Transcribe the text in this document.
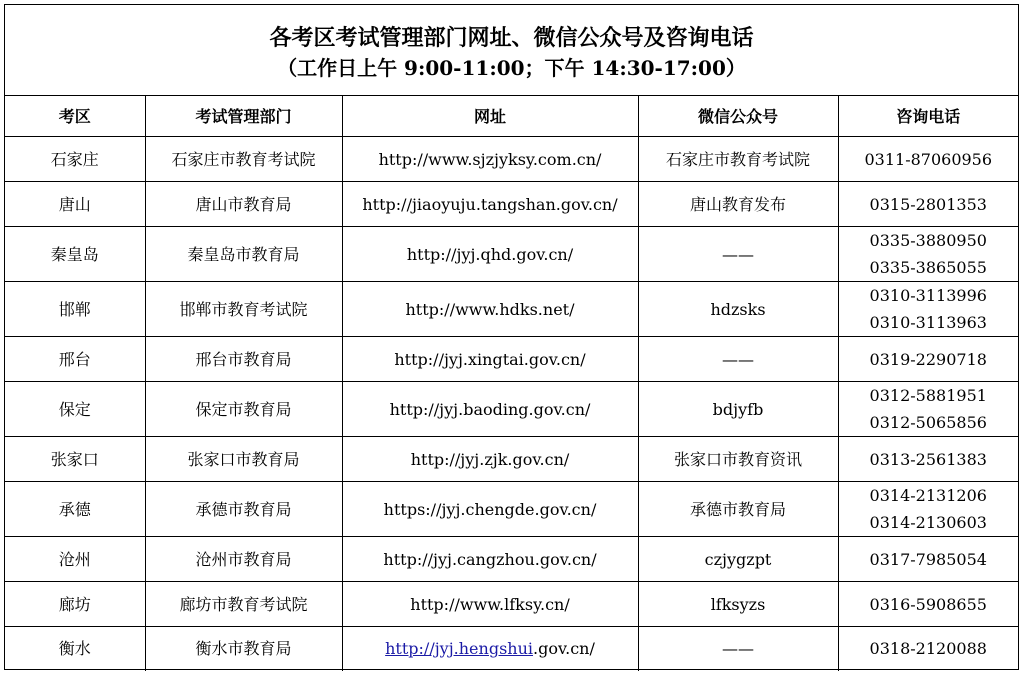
各考区考试管理部门网址、微信公众号及咨询电话
（工作日上午 9:00-11:00；下午 14:30-17:00）
考区	考试管理部门	网址	微信公众号	咨询电话
石家庄	石家庄市教育考试院	http://www.sjzjyksy.com.cn/	石家庄市教育考试院	0311-87060956

唐山	唐山市教育局	http://jiaoyuju.tangshan.gov.cn/	唐山教育发布	0315-2801353

秦皇岛	秦皇岛市教育局	http://jyj.qhd.gov.cn/	——	0335-3880950
0335-3865055

邯郸	邯郸市教育考试院	http://www.hdks.net/	hdzsks	0310-3113996
0310-3113963

邢台	邢台市教育局	http://jyj.xingtai.gov.cn/	——	0319-2290718

保定	保定市教育局	http://jyj.baoding.gov.cn/	bdjyfb	0312-5881951
0312-5065856

张家口	张家口市教育局	http://jyj.zjk.gov.cn/	张家口市教育资讯	0313-2561383

承德	承德市教育局	https://jyj.chengde.gov.cn/	承德市教育局	0314-2131206
0314-2130603

沧州	沧州市教育局	http://jyj.cangzhou.gov.cn/	czjygzpt	0317-7985054

廊坊	廊坊市教育考试院	http://www.lfksy.cn/	lfksyzs	0316-5908655

衡水	衡水市教育局	http://jyj.hengshui.gov.cn/	——	0318-2120088
